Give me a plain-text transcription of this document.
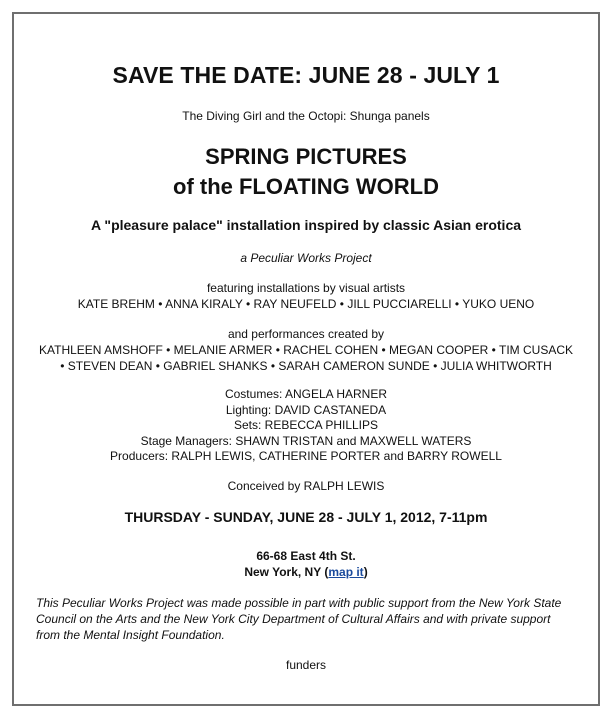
SAVE THE DATE: JUNE 28 - JULY 1
The Diving Girl and the Octopi: Shunga panels
SPRING PICTURES
of the FLOATING WORLD
A "pleasure palace" installation inspired by classic Asian erotica
a Peculiar Works Project
featuring installations by visual artists
KATE BREHM • ANNA KIRALY • RAY NEUFELD • JILL PUCCIARELLI • YUKO UENO
and performances created by
KATHLEEN AMSHOFF • MELANIE ARMER • RACHEL COHEN • MEGAN COOPER • TIM CUSACK • STEVEN DEAN • GABRIEL SHANKS • SARAH CAMERON SUNDE • JULIA WHITWORTH
Costumes: ANGELA HARNER
Lighting: DAVID CASTANEDA
Sets: REBECCA PHILLIPS
Stage Managers: SHAWN TRISTAN and MAXWELL WATERS
Producers: RALPH LEWIS, CATHERINE PORTER and BARRY ROWELL
Conceived by RALPH LEWIS
THURSDAY - SUNDAY, JUNE 28 - JULY 1, 2012, 7-11pm
66-68 East 4th St.
New York, NY (map it)
This Peculiar Works Project was made possible in part with public support from the New York State Council on the Arts and the New York City Department of Cultural Affairs and with private support from the Mental Insight Foundation.
funders
